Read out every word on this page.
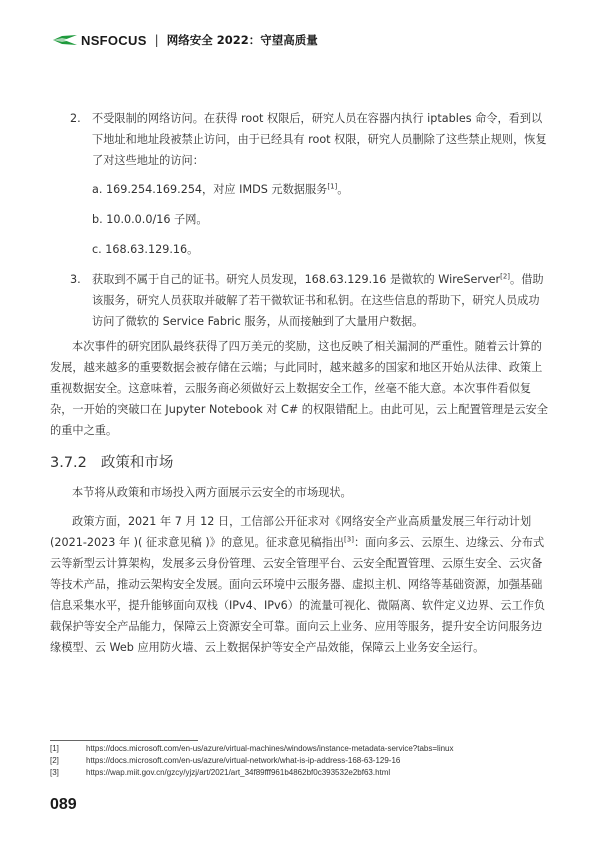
NSFOCUS | 网络安全 2022：守望高质量
2.	不受限制的网络访问。在获得 root 权限后，研究人员在容器内执行 iptables 命令，看到以下地址和地址段被禁止访问，由于已经具有 root 权限，研究人员删除了这些禁止规则，恢复了对这些地址的访问：

a. 169.254.169.254，对应 IMDS 元数据服务[1]。

b. 10.0.0.0/16 子网。

c. 168.63.129.16。

3.	获取到不属于自己的证书。研究人员发现，168.63.129.16 是微软的 WireServer[2]。借助该服务，研究人员获取并破解了若干微软证书和私钥。在这些信息的帮助下，研究人员成功访问了微软的 Service Fabric 服务，从而接触到了大量用户数据。

本次事件的研究团队最终获得了四万美元的奖励，这也反映了相关漏洞的严重性。随着云计算的发展，越来越多的重要数据会被存储在云端；与此同时，越来越多的国家和地区开始从法律、政策上重视数据安全。这意味着，云服务商必须做好云上数据安全工作，丝毫不能大意。本次事件看似复杂，一开始的突破口在 Jupyter Notebook 对 C# 的权限错配上。由此可见，云上配置管理是云安全的重中之重。

3.7.2 政策和市场

本节将从政策和市场投入两方面展示云安全的市场现状。

政策方面，2021 年 7 月 12 日，工信部公开征求对《网络安全产业高质量发展三年行动计划 (2021-2023 年 )( 征求意见稿 )》的意见。征求意见稿指出[3]：面向多云、云原生、边缘云、分布式云等新型云计算架构，发展多云身份管理、云安全管理平台、云安全配置管理、云原生安全、云灾备等技术产品，推动云架构安全发展。面向云环境中云服务器、虚拟主机、网络等基础资源，加强基础信息采集水平，提升能够面向双栈（IPv4、IPv6）的流量可视化、微隔离、软件定义边界、云工作负载保护等安全产品能力，保障云上资源安全可靠。面向云上业务、应用等服务，提升安全访问服务边缘模型、云 Web 应用防火墙、云上数据保护等安全产品效能，保障云上业务安全运行。

[1]	https://docs.microsoft.com/en-us/azure/virtual-machines/windows/instance-metadata-service?tabs=linux
[2]	https://docs.microsoft.com/en-us/azure/virtual-network/what-is-ip-address-168-63-129-16
[3]	https://wap.miit.gov.cn/gzcy/yjzj/art/2021/art_34f89fff961b4862bf0c393532e2bf63.html
089
